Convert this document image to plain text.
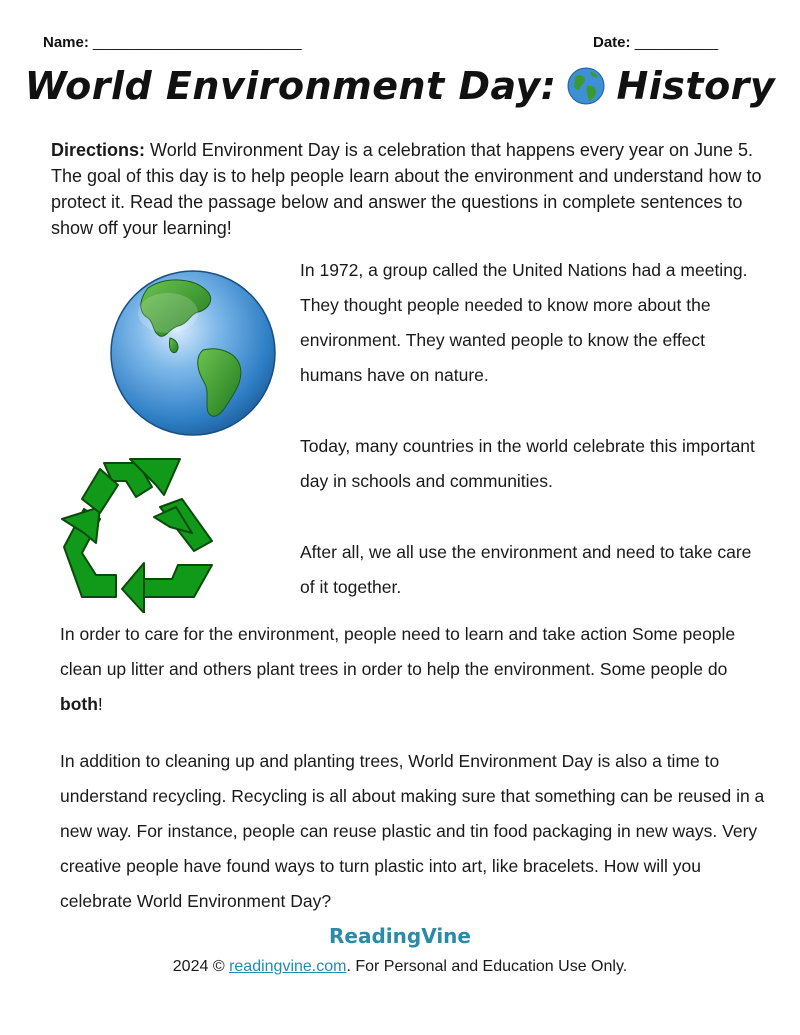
Name: _________________________	Date: __________
World Environment Day: History
Directions: World Environment Day is a celebration that happens every year on June 5. The goal of this day is to help people learn about the environment and understand how to protect it. Read the passage below and answer the questions in complete sentences to show off your learning!

In 1972, a group called the United Nations had a meeting. They thought people needed to know more about the environment. They wanted people to know the effect humans have on nature.

Today, many countries in the world celebrate this important day in schools and communities.

After all, we all use the environment and need to take care of it together.

In order to care for the environment, people need to learn and take action Some people clean up litter and others plant trees in order to help the environment. Some people do both!

In addition to cleaning up and planting trees, World Environment Day is also a time to understand recycling. Recycling is all about making sure that something can be reused in a new way. For instance, people can reuse plastic and tin food packaging in new ways. Very creative people have found ways to turn plastic into art, like bracelets. How will you celebrate World Environment Day?

ReadingVine
2024 © readingvine.com. For Personal and Education Use Only.
